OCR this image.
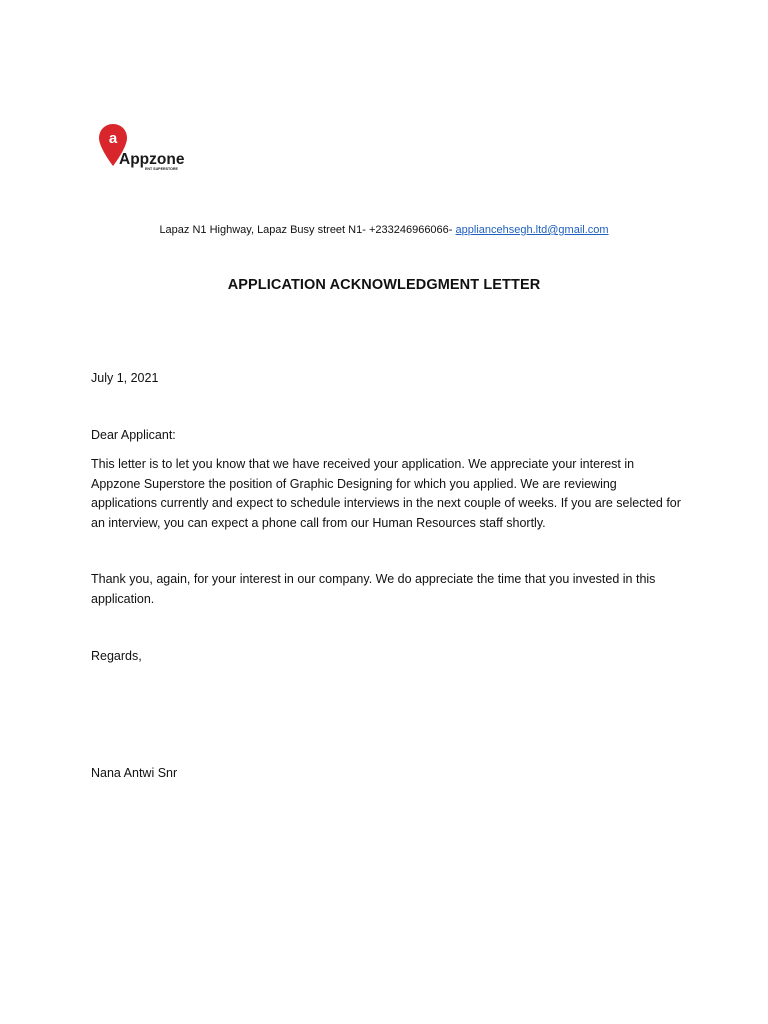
a
Appzone
ENT SUPERSTORE
Lapaz N1 Highway, Lapaz Busy street N1- +233246966066- appliancehsegh.ltd@gmail.com
APPLICATION ACKNOWLEDGMENT LETTER
July 1, 2021
Dear Applicant:
This letter is to let you know that we have received your application. We appreciate your interest in Appzone Superstore the position of Graphic Designing for which you applied. We are reviewing applications currently and expect to schedule interviews in the next couple of weeks. If you are selected for an interview, you can expect a phone call from our Human Resources staff shortly.
Thank you, again, for your interest in our company. We do appreciate the time that you invested in this application.
Regards,
Nana Antwi Snr
